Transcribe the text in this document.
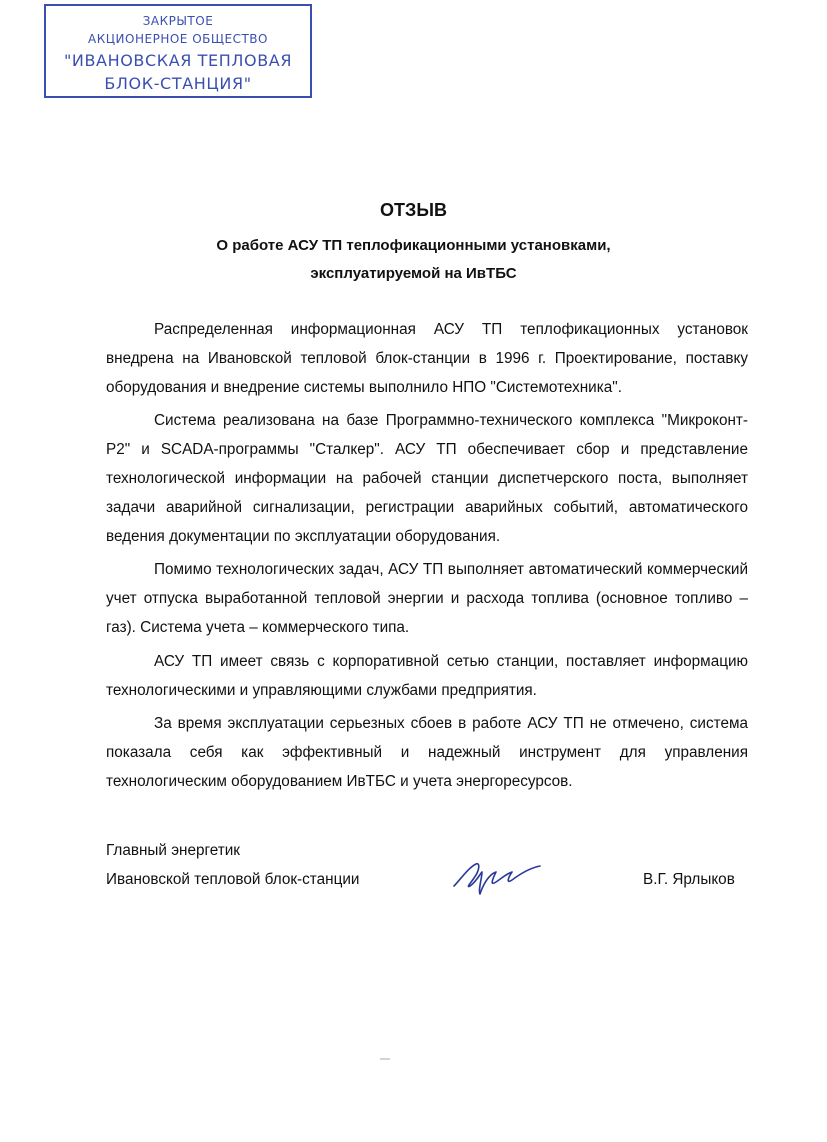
ЗАКРЫТОЕ
АКЦИОНЕРНОЕ ОБЩЕСТВО
"ИВАНОВСКАЯ ТЕПЛОВАЯ
БЛОК-СТАНЦИЯ"
ОТЗЫВ
О работе АСУ ТП теплофикационными установками,
эксплуатируемой на ИвТБС

Распределенная информационная АСУ ТП теплофикационных установок внедрена на Ивановской тепловой блок-станции в 1996 г. Проектирование, поставку оборудования и внедрение системы выполнило НПО "Системотехника".

Система реализована на базе Программно-технического комплекса "Микроконт-Р2" и SCADA-программы "Сталкер". АСУ ТП обеспечивает сбор и представление технологической информации на рабочей станции диспетчерского поста, выполняет задачи аварийной сигнализации, регистрации аварийных событий, автоматического ведения документации по эксплуатации оборудования.

Помимо технологических задач, АСУ ТП выполняет автоматический коммерческий учет отпуска выработанной тепловой энергии и расхода топлива (основное топливо – газ). Система учета – коммерческого типа.

АСУ ТП имеет связь с корпоративной сетью станции, поставляет информацию технологическими и управляющими службами предприятия.

За время эксплуатации серьезных сбоев в работе АСУ ТП не отмечено, система показала себя как эффективный и надежный инструмент для управления технологическим оборудованием ИвТБС и учета энергоресурсов.

Главный энергетик
Ивановской тепловой блок-станции	В.Г. Ярлыков
